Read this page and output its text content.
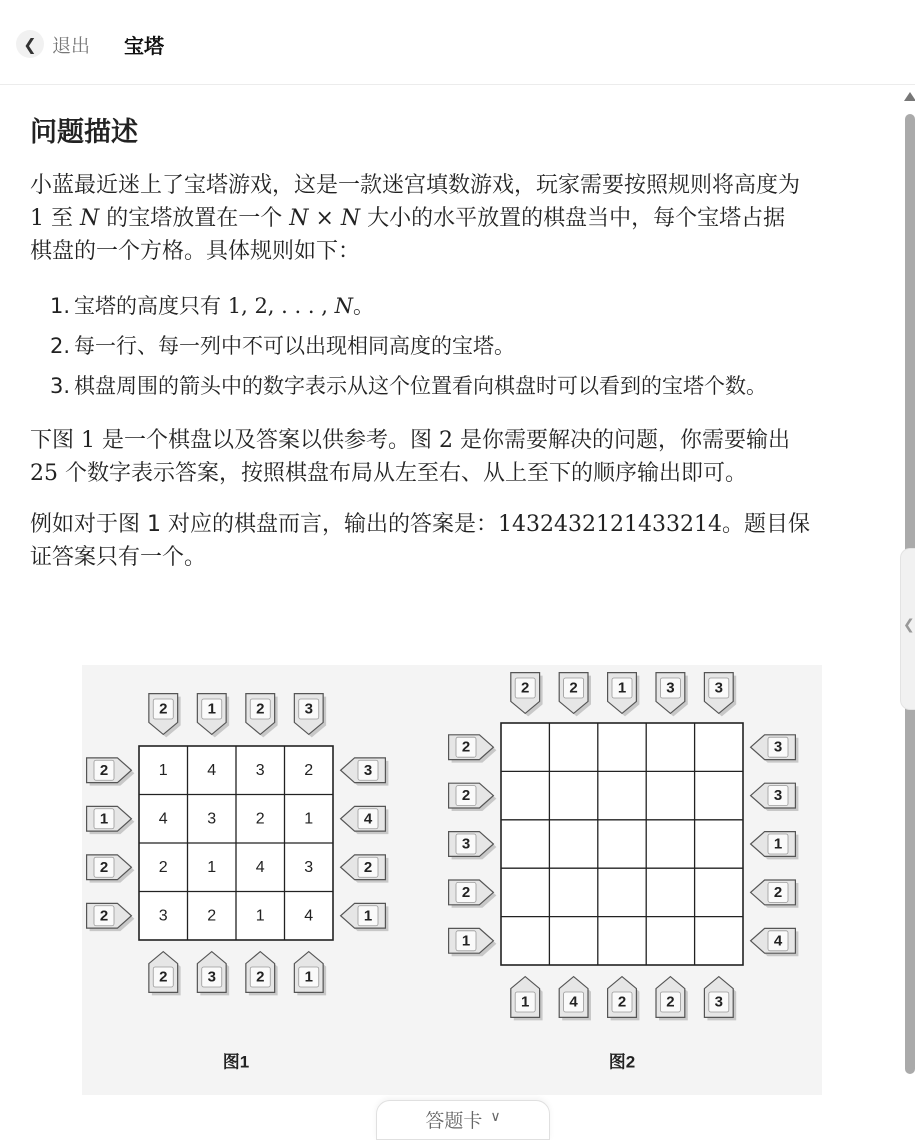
❮ 退出 宝塔
问题描述

小蓝最近迷上了宝塔游戏，这是一款迷宫填数游戏，玩家需要按照规则将高度为
1 至 N 的宝塔放置在一个 N × N 大小的水平放置的棋盘当中，每个宝塔占据
棋盘的一个方格。具体规则如下：

1. 宝塔的高度只有 1, 2, . . . , N。
2. 每一行、每一列中不可以出现相同高度的宝塔。
3. 棋盘周围的箭头中的数字表示从这个位置看向棋盘时可以看到的宝塔个数。

下图 1 是一个棋盘以及答案以供参考。图 2 是你需要解决的问题，你需要输出
25 个数字表示答案，按照棋盘布局从左至右、从上至下的顺序输出即可。

例如对于图 1 对应的棋盘而言，输出的答案是：1432432121433214。题目保
证答案只有一个。

1 4 3 2
4 3 2 1
2 1 4 3
3 2 1 4
2
2
2	3
1
3
1	4
2
2
2	2
3
1
2	1
图1
2
1
2	3
2
4
2	3
1
2
3	1
3
2
2	2
3
3
1	4
图2
❮
答题卡 ∨
